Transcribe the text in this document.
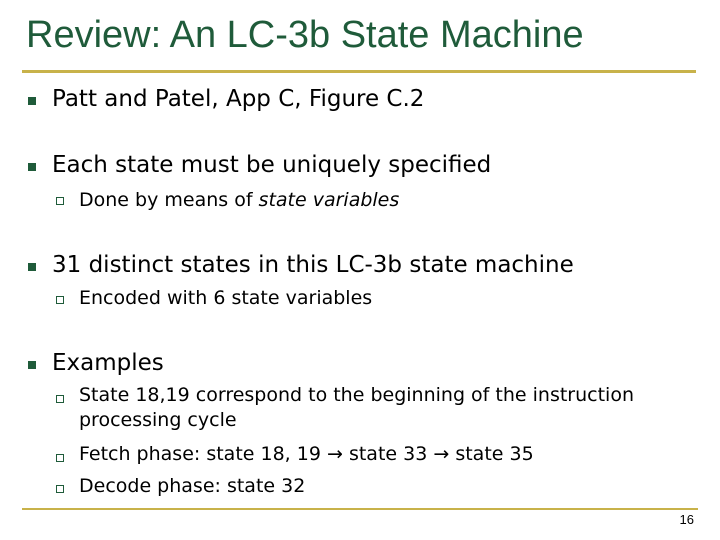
Review: An LC-3b State Machine
Patt and Patel, App C, Figure C.2
Each state must be uniquely specified
Done by means of state variables
31 distinct states in this LC-3b state machine
Encoded with 6 state variables
Examples
State 18,19 correspond to the beginning of the instruction
processing cycle
Fetch phase: state 18, 19 → state 33 → state 35
Decode phase: state 32
16
